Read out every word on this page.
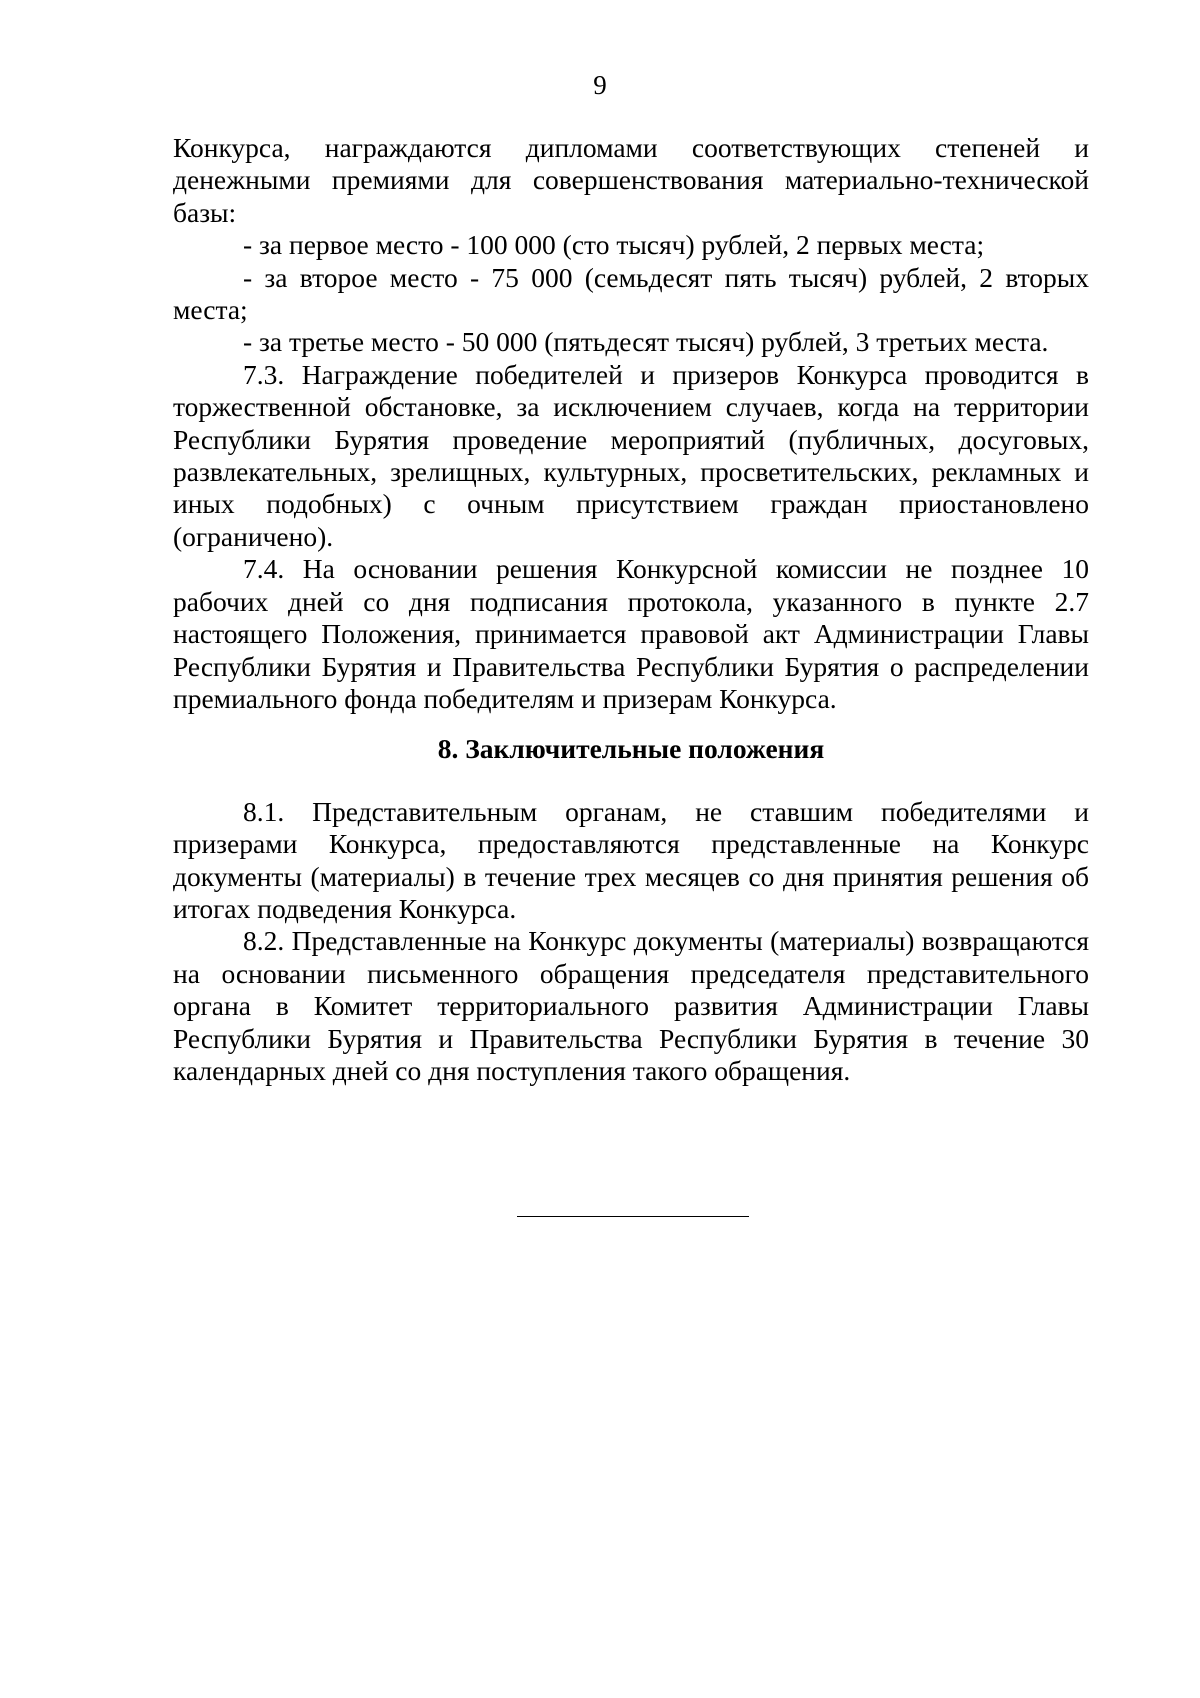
9

Конкурса, награждаются дипломами соответствующих степеней и денежными премиями для совершенствования материально-технической базы:

- за первое место - 100 000 (сто тысяч) рублей, 2 первых места;

- за второе место - 75 000 (семьдесят пять тысяч) рублей, 2 вторых места;

- за третье место - 50 000 (пятьдесят тысяч) рублей, 3 третьих места.

7.3. Награждение победителей и призеров Конкурса проводится в торжественной обстановке, за исключением случаев, когда на территории Республики Бурятия проведение мероприятий (публичных, досуговых, развлекательных, зрелищных, культурных, просветительских, рекламных и иных подобных) с очным присутствием граждан приостановлено (ограничено).

7.4. На основании решения Конкурсной комиссии не позднее 10 рабочих дней со дня подписания протокола, указанного в пункте 2.7 настоящего Положения, принимается правовой акт Администрации Главы Республики Бурятия и Правительства Республики Бурятия о распределении премиального фонда победителям и призерам Конкурса.

8. Заключительные положения

8.1. Представительным органам, не ставшим победителями и призерами Конкурса, предоставляются представленные на Конкурс документы (материалы) в течение трех месяцев со дня принятия решения об итогах подведения Конкурса.

8.2. Представленные на Конкурс документы (материалы) возвращаются на основании письменного обращения председателя представительного органа в Комитет территориального развития Администрации Главы Республики Бурятия и Правительства Республики Бурятия в течение 30 календарных дней со дня поступления такого обращения.
